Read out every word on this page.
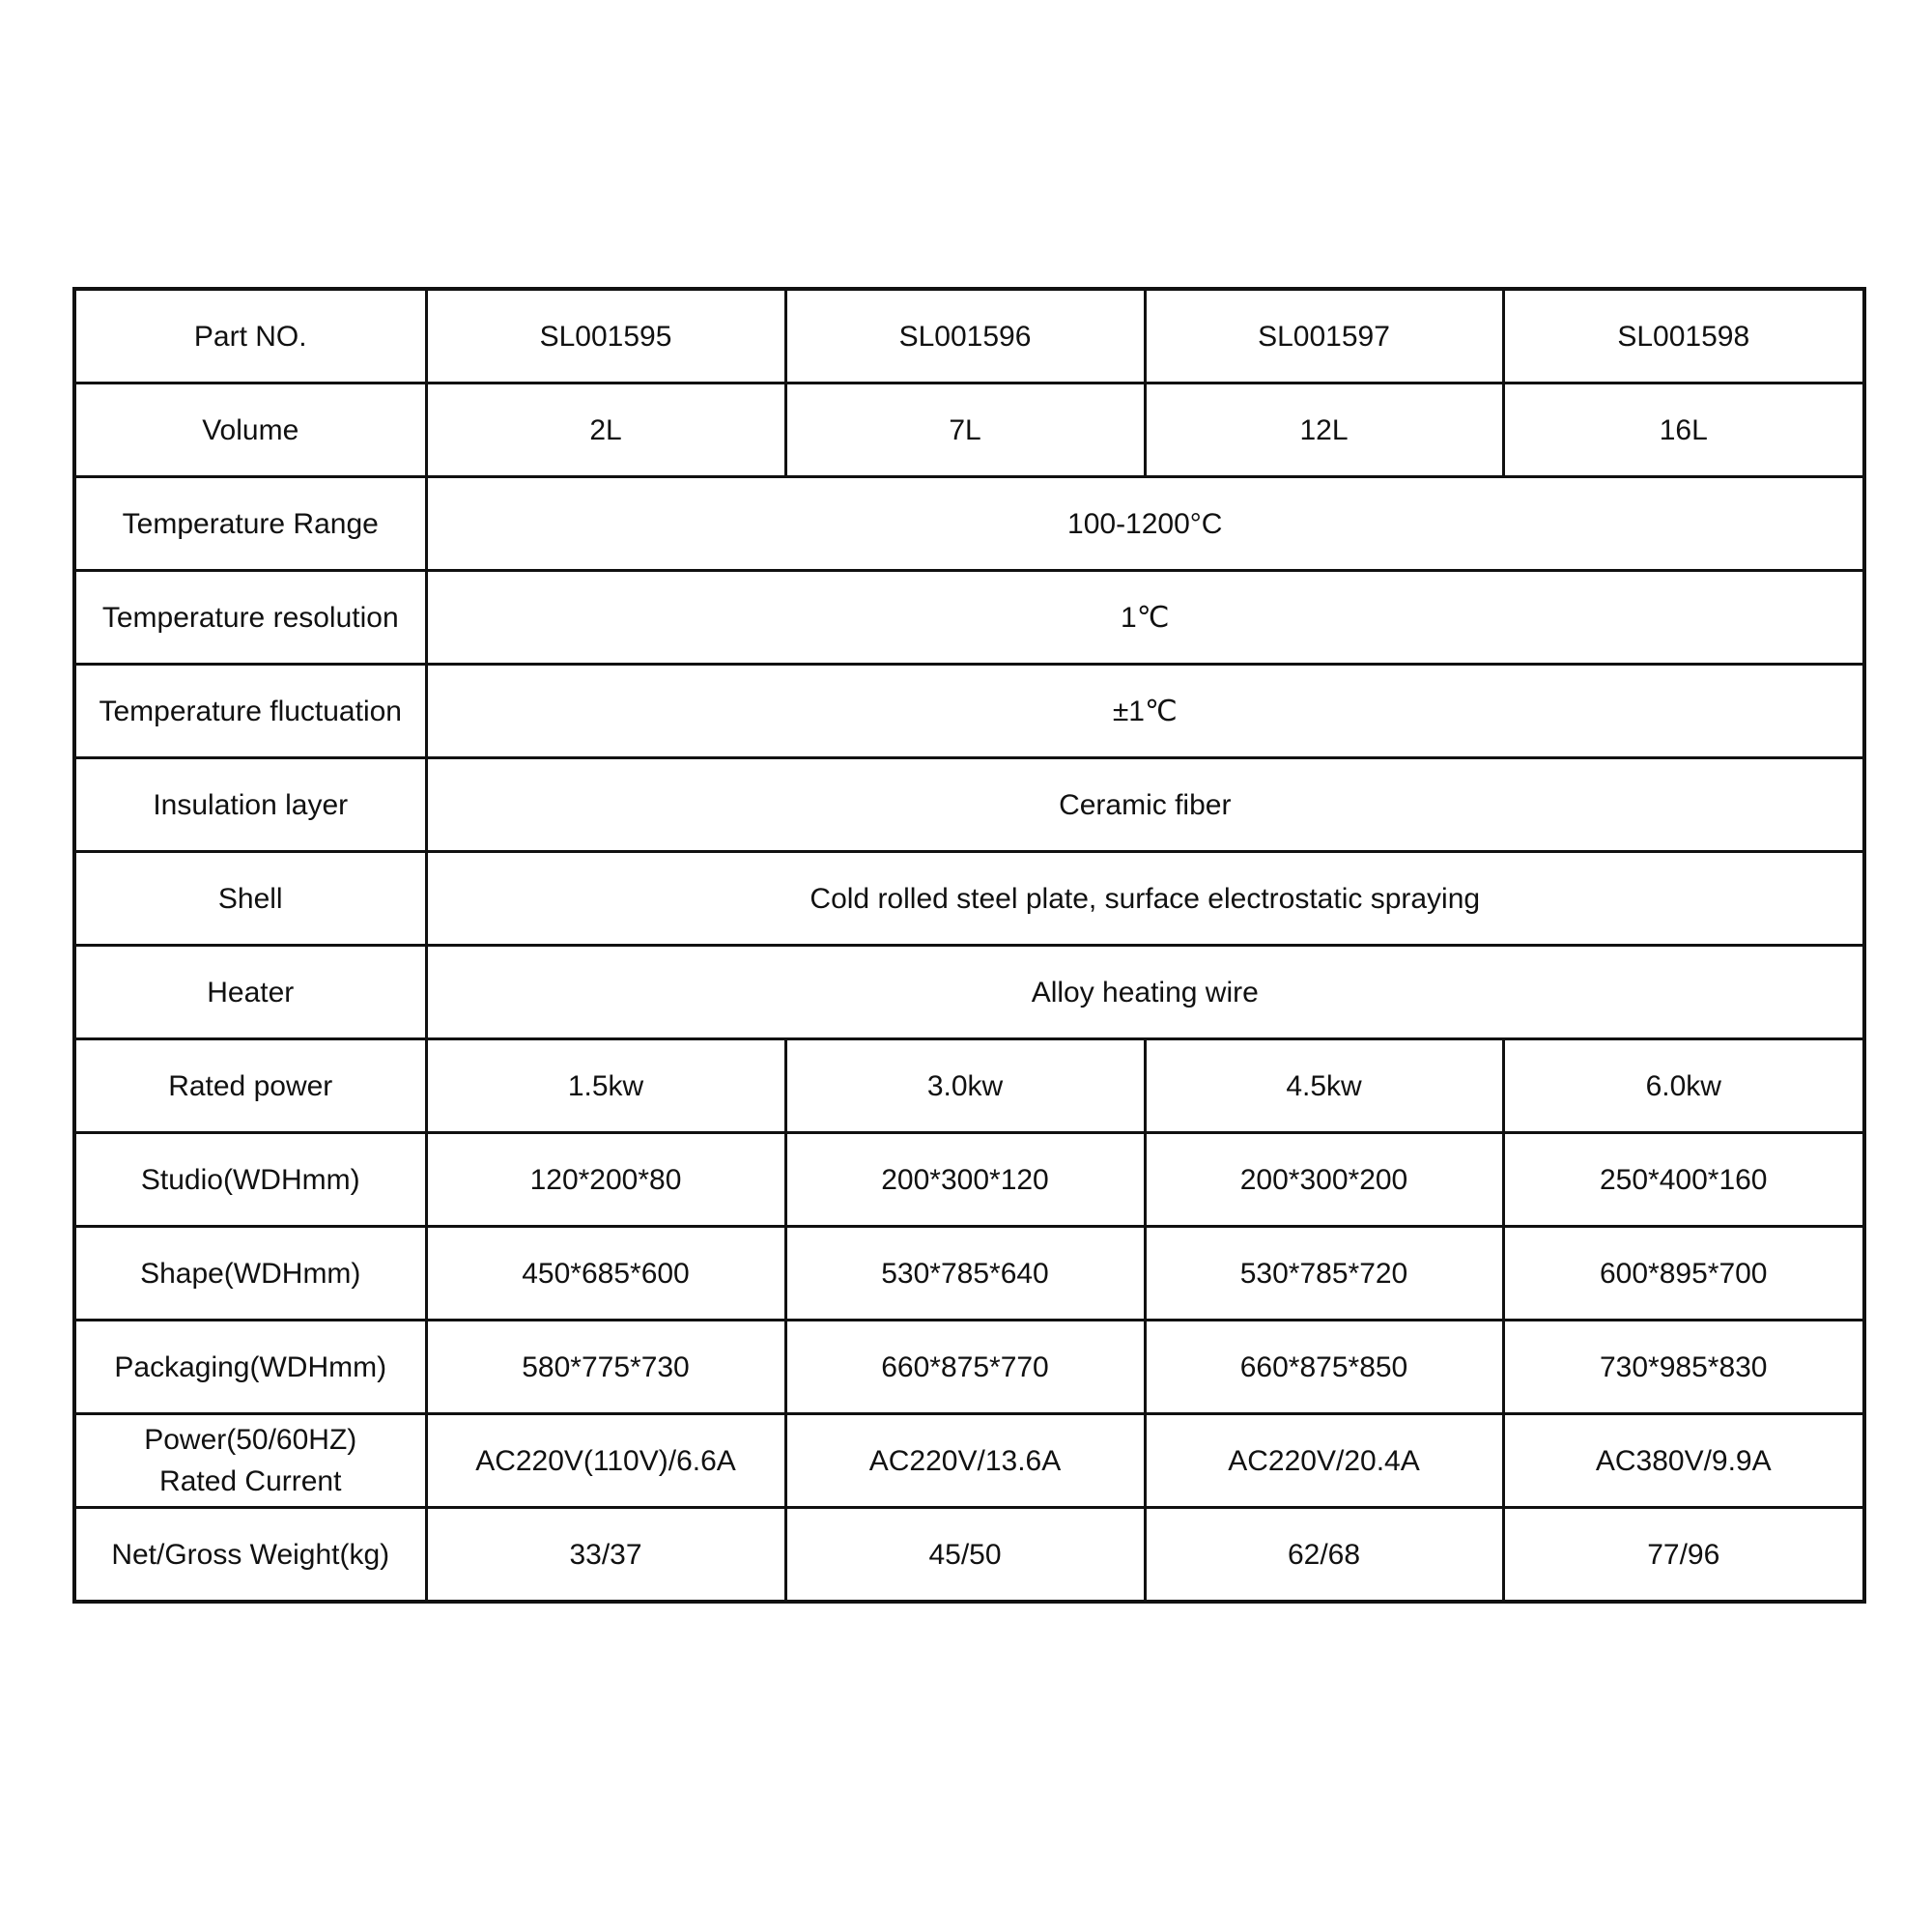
Part NO.	SL001595	SL001596	SL001597	SL001598
Volume	2L	7L	12L	16L
Temperature Range	100-1200°C			
Temperature resolution	1℃			
Temperature fluctuation	±1℃			
Insulation layer	Ceramic fiber			
Shell	Cold rolled steel plate, surface electrostatic spraying			
Heater	Alloy heating wire			
Rated power	1.5kw	3.0kw	4.5kw	6.0kw
Studio(WDHmm)	120*200*80	200*300*120	200*300*200	250*400*160
Shape(WDHmm)	450*685*600	530*785*640	530*785*720	600*895*700
Packaging(WDHmm)	580*775*730	660*875*770	660*875*850	730*985*830

Power(50/60HZ)
Rated Current	AC220V(110V)/6.6A	AC220V/13.6A	AC220V/20.4A	AC380V/9.9A
Net/Gross Weight(kg)	33/37	45/50	62/68	77/96
